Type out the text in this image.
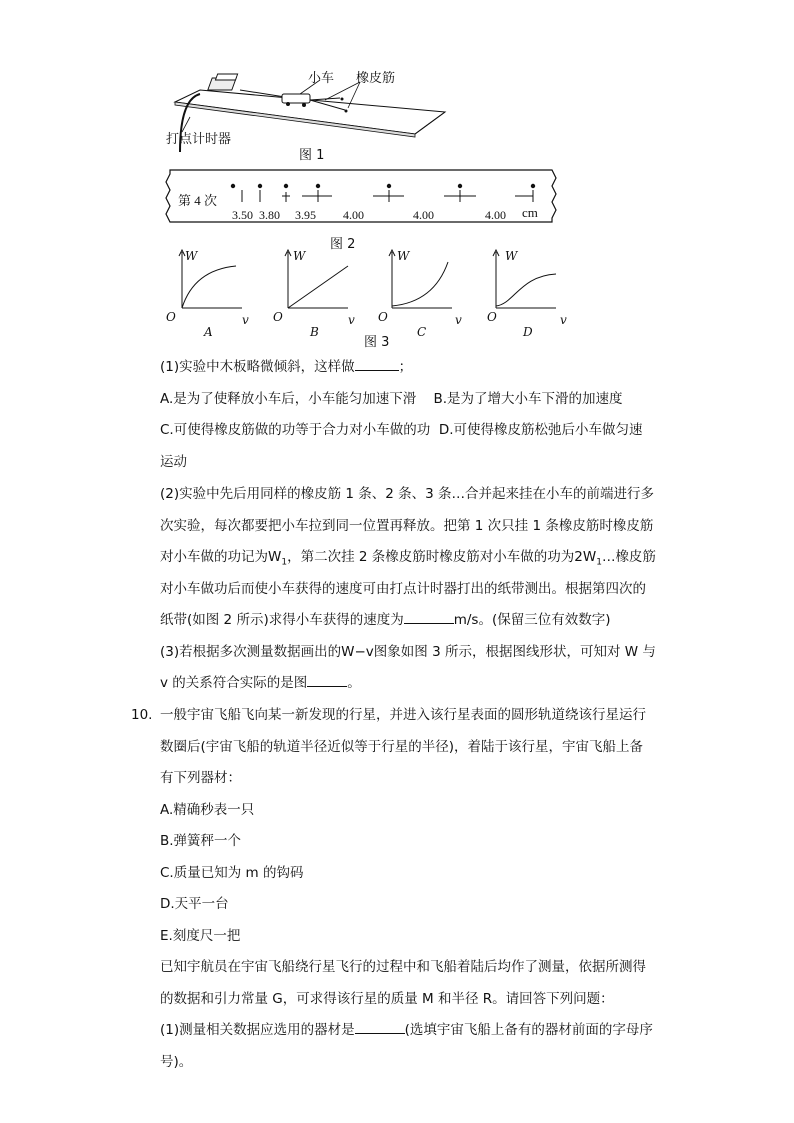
小车 橡皮筋
打点计时器
图 1
第 4 次
3.50 3.80 3.95 4.00	4.00	4.00 cm
图 2
W	W	W	W
O	O	O	O
v	v	v	v
A	B	C	D
图 3
(1)实验中木板略微倾斜，这样做	；
A.是为了使释放小车后，小车能匀加速下滑 B.是为了增大小车下滑的加速度
C.可使得橡皮筋做的功等于合力对小车做的功 D.可使得橡皮筋松弛后小车做匀速
运动
(2)实验中先后用同样的橡皮筋 1 条、2 条、3 条…合并起来挂在小车的前端进行多
次实验，每次都要把小车拉到同一位置再释放。把第 1 次只挂 1 条橡皮筋时橡皮筋
对小车做的功记为$W_1$，第二次挂 2 条橡皮筋时橡皮筋对小车做的功为$2W_1\dots$橡皮筋
对小车做功后而使小车获得的速度可由打点计时器打出的纸带测出。根据第四次的
纸带(如图 2 所示)求得小车获得的速度为	m/s。(保留三位有效数字)
(3)若根据多次测量数据画出的W−v图象如图 3 所示，根据图线形状，可知对 W 与
v 的关系符合实际的是图	。
10. 一般宇宙飞船飞向某一新发现的行星，并进入该行星表面的圆形轨道绕该行星运行
数圈后(宇宙飞船的轨道半径近似等于行星的半径)，着陆于该行星，宇宙飞船上备
有下列器材：
A.精确秒表一只
B.弹簧秤一个
C.质量已知为 m 的钩码
D.天平一台
E.刻度尺一把
已知宇航员在宇宙飞船绕行星飞行的过程中和飞船着陆后均作了测量，依据所测得
的数据和引力常量 G，可求得该行星的质量 M 和半径 R。请回答下列问题：
(1)测量相关数据应选用的器材是	(选填宇宙飞船上备有的器材前面的字母序
号)。
